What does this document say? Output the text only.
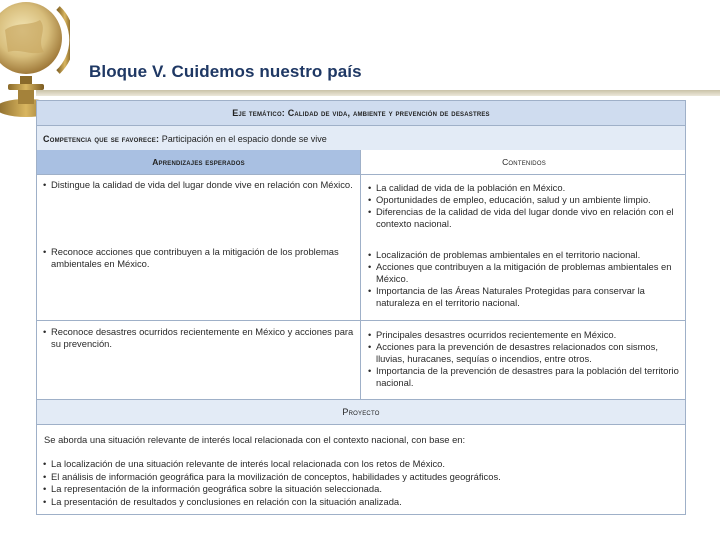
Bloque V. Cuidemos nuestro país
Eje temático: Calidad de vida, ambiente y prevención de desastres
Competencia que se favorece: Participación en el espacio donde se vive
Aprendizajes esperados	Contenidos
• Distingue la calidad de vida del lugar donde vive en relación con México.
•	La calidad de vida de la población en México.
• Oportunidades de empleo, educación, salud y un ambiente limpio.
• Diferencias de la calidad de vida del lugar donde vivo en relación con el contexto nacional.
• Reconoce acciones que contribuyen a la mitigación de los problemas ambientales en México.
• Localización de problemas ambientales en el territorio nacional.
• Acciones que contribuyen a la mitigación de problemas ambientales en México.
• Importancia de las Áreas Naturales Protegidas para conservar la naturaleza en el territorio nacional.
• Reconoce desastres ocurridos recientemente en México y acciones para su prevención.
• Principales desastres ocurridos recientemente en México.
• Acciones para la prevención de desastres relacionados con sismos, lluvias, huracanes, sequías o incendios, entre otros.
• Importancia de la prevención de desastres para la población del territorio nacional.
Proyecto
Se aborda una situación relevante de interés local relacionada con el contexto nacional, con base en:
• La localización de una situación relevante de interés local relacionada con los retos de México.
• El análisis de información geográfica para la movilización de conceptos, habilidades y actitudes geográficos.
• La representación de la información geográfica sobre la situación seleccionada.
• La presentación de resultados y conclusiones en relación con la situación analizada.
